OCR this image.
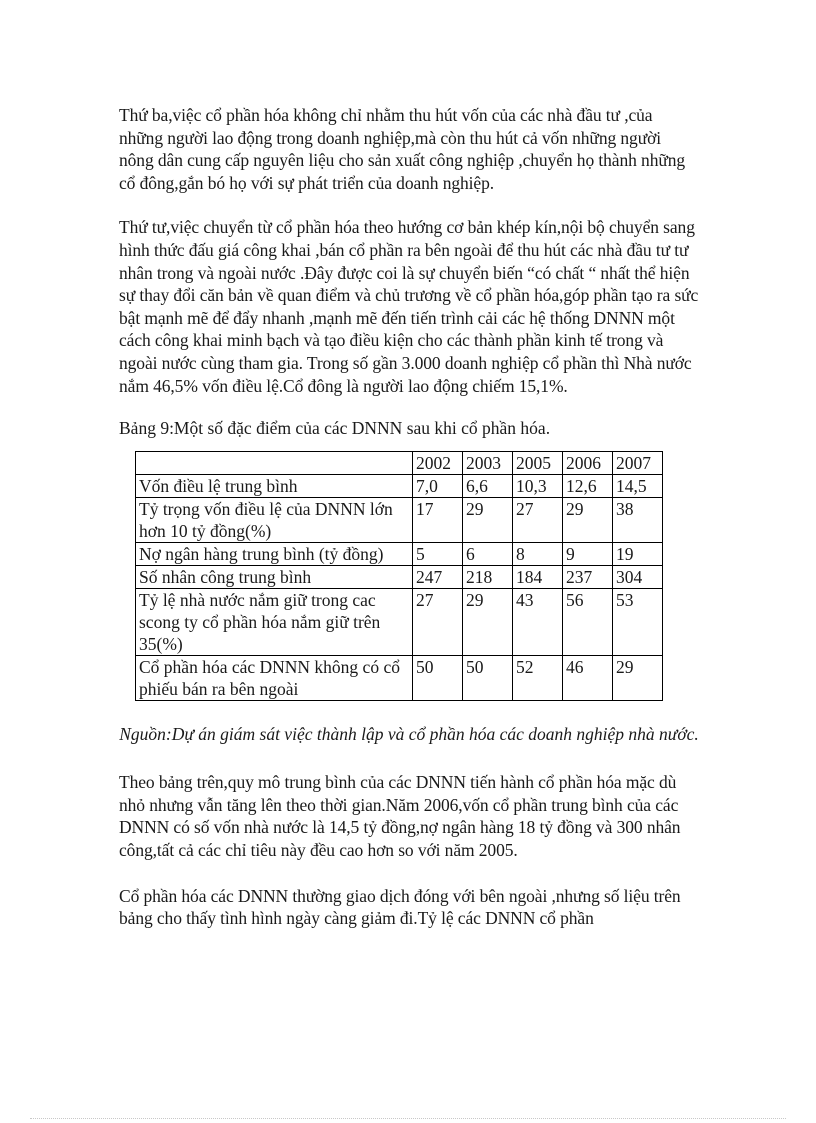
Thứ ba,việc cổ phần hóa không chỉ nhằm thu hút vốn của các nhà đầu tư ,của những người lao động trong doanh nghiệp,mà còn thu hút cả vốn những người nông dân cung cấp nguyên liệu cho sản xuất công nghiệp ,chuyển họ thành những cổ đông,gắn bó họ với sự phát triển của doanh nghiệp.

Thứ tư,việc chuyển từ cổ phần hóa theo hướng cơ bản khép kín,nội bộ chuyển sang hình thức đấu giá công khai ,bán cổ phần ra bên ngoài để thu hút các nhà đầu tư tư nhân trong và ngoài nước .Đây được coi là sự chuyển biến “có chất “ nhất thể hiện sự thay đổi căn bản về quan điểm và chủ trương về cổ phần hóa,góp phần tạo ra sức bật mạnh mẽ để đẩy nhanh ,mạnh mẽ đến tiến trình cải các hệ thống DNNN một cách công khai minh bạch và tạo điều kiện cho các thành phần kinh tế trong và ngoài nước cùng tham gia. Trong số gần 3.000 doanh nghiệp cổ phần thì Nhà nước nắm 46,5% vốn điều lệ.Cổ đông là người lao động chiếm 15,1%.

Bảng 9:Một số đặc điểm của các DNNN sau khi cổ phần hóa.

	2002	2003	2005	2006	2007
Vốn điều lệ trung bình	7,0	6,6	10,3	12,6	14,5
Tỷ trọng vốn điều lệ của DNNN lớn hơn 10 tỷ đồng(%)	17	29	27	29	38
Nợ ngân hàng trung bình (tỷ đồng)	5	6	8	9	19
Số nhân công trung bình	247	218	184	237	304
Tỷ lệ nhà nước nắm giữ trong cac scong ty cổ phần hóa nắm giữ trên 35(%)	27	29	43	56	53
Cổ phần hóa các DNNN không có cổ phiếu bán ra bên ngoài	50	50	52	46	29

Nguồn:Dự án giám sát việc thành lập và cổ phần hóa các doanh nghiệp nhà nước.

Theo bảng trên,quy mô trung bình của các DNNN tiến hành cổ phần hóa mặc dù nhỏ nhưng vẫn tăng lên theo thời gian.Năm 2006,vốn cổ phần trung bình của các DNNN có số vốn nhà nước là 14,5 tỷ đồng,nợ ngân hàng 18 tỷ đồng và 300 nhân công,tất cả các chỉ tiêu này đều cao hơn so với năm 2005.

Cổ phần hóa các DNNN thường giao dịch đóng với bên ngoài ,nhưng số liệu trên bảng cho thấy tình hình ngày càng giảm đi.Tỷ lệ các DNNN cổ phần
